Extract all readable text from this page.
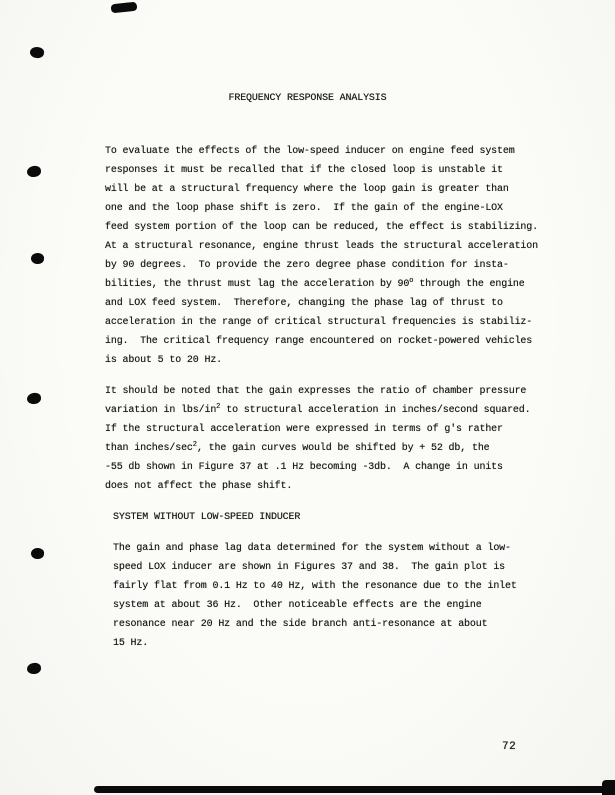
FREQUENCY RESPONSE ANALYSIS
To evaluate the effects of the low-speed inducer on engine feed system
responses it must be recalled that if the closed loop is unstable it
will be at a structural frequency where the loop gain is greater than
one and the loop phase shift is zero.  If the gain of the engine-LOX
feed system portion of the loop can be reduced, the effect is stabilizing.
At a structural resonance, engine thrust leads the structural acceleration
by 90 degrees.  To provide the zero degree phase condition for insta-
bilities, the thrust must lag the acceleration by 90$^o$ through the engine
and LOX feed system.  Therefore, changing the phase lag of thrust to
acceleration in the range of critical structural frequencies is stabiliz-
ing.  The critical frequency range encountered on rocket-powered vehicles
is about 5 to 20 Hz.
It should be noted that the gain expresses the ratio of chamber pressure
variation in lbs/$in^2$ to structural acceleration in inches/second squared.
If the structural acceleration were expressed in terms of g's rather
than inches/$\sec^2$, the gain curves would be shifted by + 52 db, the
-55 db shown in Figure 37 at .1 Hz becoming -3db.  A change in units
does not affect the phase shift.
SYSTEM WITHOUT LOW-SPEED INDUCER
The gain and phase lag data determined for the system without a low-
speed LOX inducer are shown in Figures 37 and 38.  The gain plot is
fairly flat from 0.1 Hz to 40 Hz, with the resonance due to the inlet
system at about 36 Hz.  Other noticeable effects are the engine
resonance near 20 Hz and the side branch anti-resonance at about
15 Hz.
72
